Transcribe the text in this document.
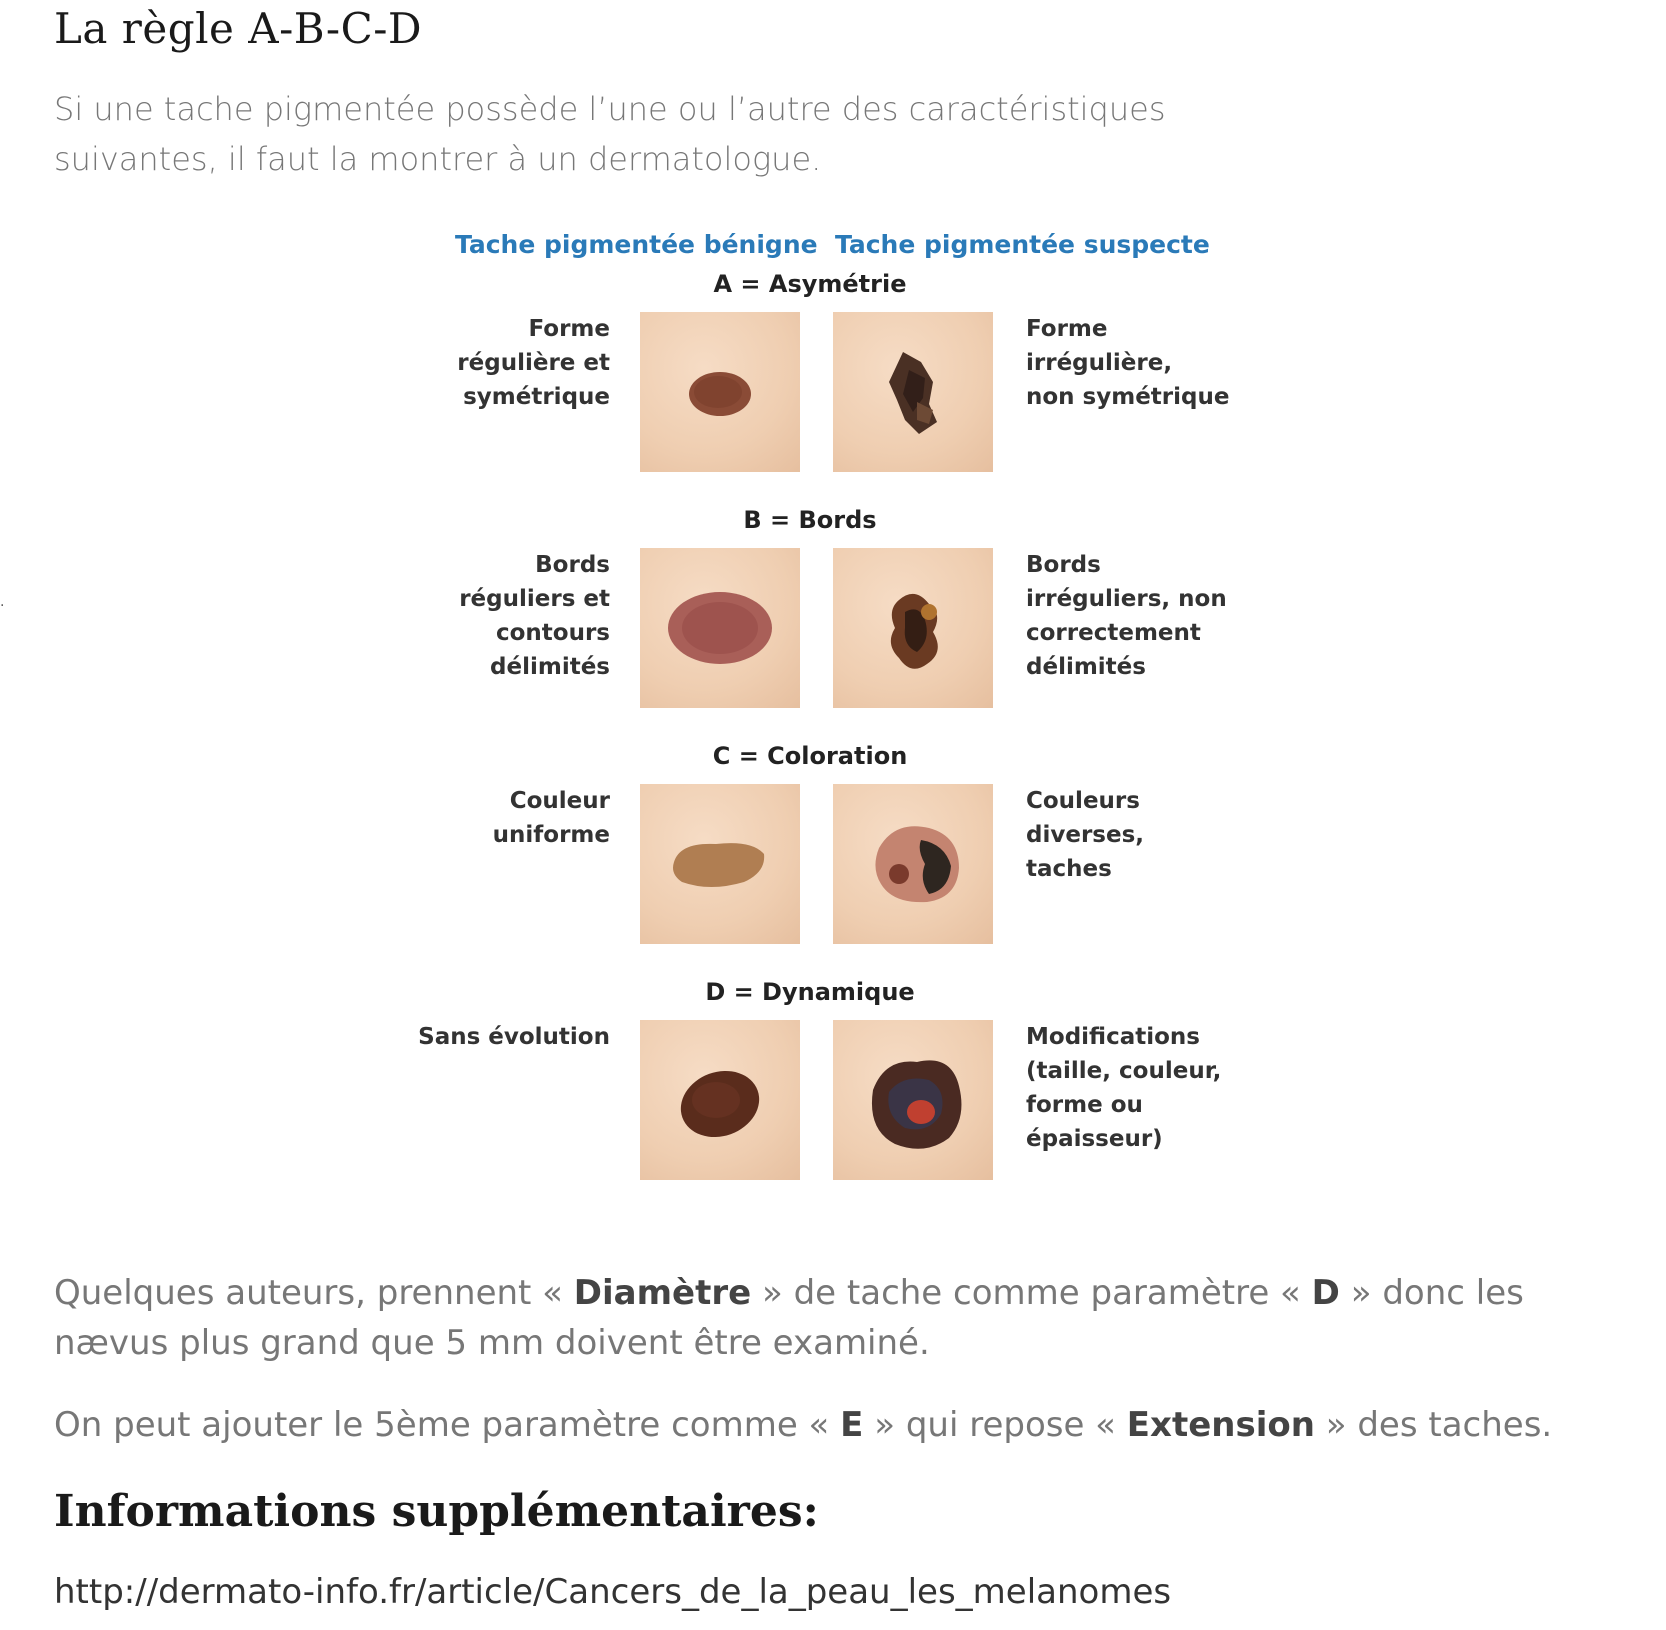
La règle A-B-C-D

Si une tache pigmentée possède l’une ou l’autre des caractéristiques suivantes, il faut la montrer à un dermatologue.

·
Tache pigmentée bénigne Tache pigmentée suspecte
A = Asymétrie
Forme
régulière et
symétrique
Forme
irrégulière,
non symétrique
B = Bords
Bords
réguliers et
contours
délimités
Bords
irréguliers, non
correctement
délimités
C = Coloration
Couleur
uniforme
Couleurs
diverses,
taches
D = Dynamique
Sans évolution	Modifications
(taille, couleur,
forme ou
épaisseur)

Quelques auteurs, prennent « Diamètre » de tache comme paramètre « D » donc les nævus plus grand que 5 mm doivent être examiné.

On peut ajouter le 5ème paramètre comme « E » qui repose « Extension » des taches.

Informations supplémentaires:
http://dermato-info.fr/article/Cancers_de_la_peau_les_melanomes
